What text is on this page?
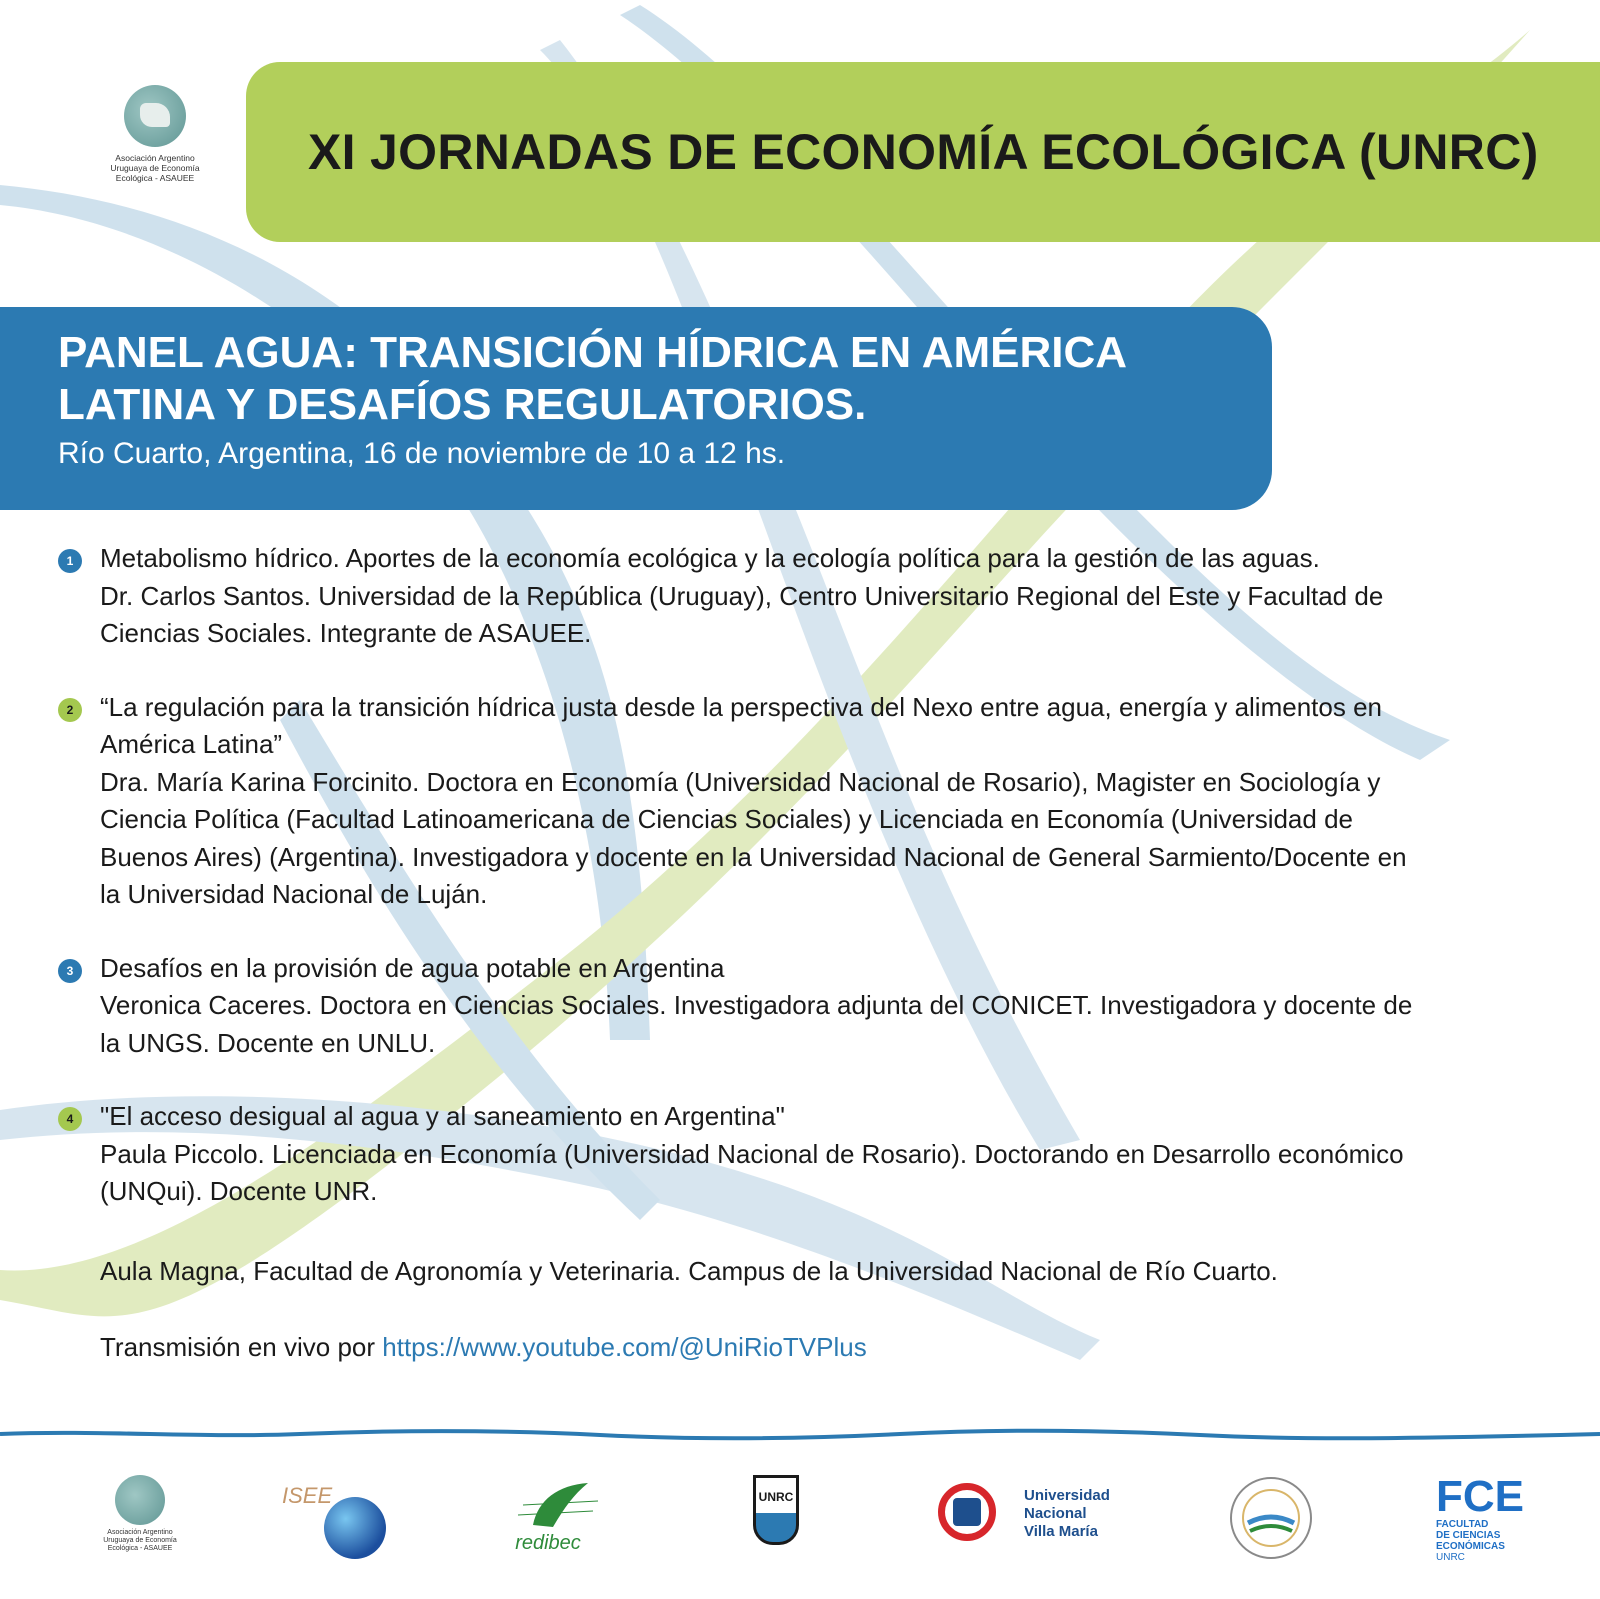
Asociación Argentino
Uruguaya de Economía
Ecológica - ASAUEE	XI JORNADAS DE ECONOMÍA ECOLÓGICA (UNRC)
PANEL AGUA: TRANSICIÓN HÍDRICA EN AMÉRICA
LATINA Y DESAFÍOS REGULATORIOS.
Río Cuarto, Argentina, 16 de noviembre de 10 a 12 hs.
1	Metabolismo hídrico. Aportes de la economía ecológica y la ecología política para la gestión de las aguas.
Dr. Carlos Santos. Universidad de la República (Uruguay), Centro Universitario Regional del Este y Facultad de
Ciencias Sociales. Integrante de ASAUEE.
2	“La regulación para la transición hídrica justa desde la perspectiva del Nexo entre agua, energía y alimentos en
América Latina”
Dra. María Karina Forcinito. Doctora en Economía (Universidad Nacional de Rosario), Magister en Sociología y
Ciencia Política (Facultad Latinoamericana de Ciencias Sociales) y Licenciada en Economía (Universidad de
Buenos Aires) (Argentina). Investigadora y docente en la Universidad Nacional de General Sarmiento/Docente en
la Universidad Nacional de Luján.
3	Desafíos en la provisión de agua potable en Argentina
Veronica Caceres. Doctora en Ciencias Sociales. Investigadora adjunta del CONICET. Investigadora y docente de
la UNGS. Docente en UNLU.
4	"El acceso desigual al agua y al saneamiento en Argentina"
Paula Piccolo. Licenciada en Economía (Universidad Nacional de Rosario). Doctorando en Desarrollo económico
(UNQui). Docente UNR.
Aula Magna, Facultad de Agronomía y Veterinaria. Campus de la Universidad Nacional de Río Cuarto.
Transmisión en vivo por https://www.youtube.com/@UniRioTVPlus
Asociación Argentino
Uruguaya de Economía
Ecológica - ASAUEE
ISEE
redibec
UNRC	Universidad
Nacional
Villa María
FCE
FACULTAD
DE CIENCIAS
ECONÓMICAS
UNRC
